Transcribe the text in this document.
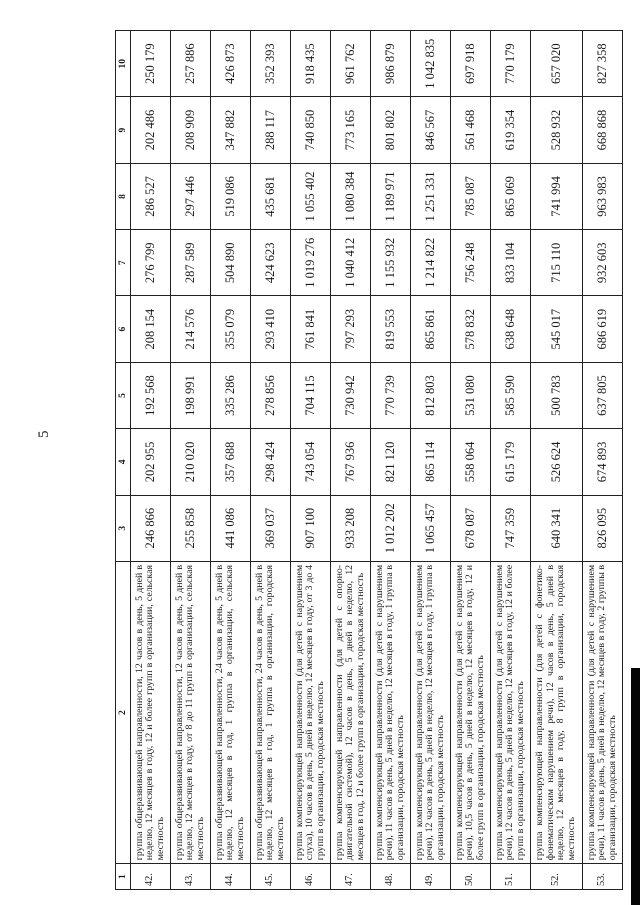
5
1	2	3	4	5	6	7	8	9	10
42.	группа общеразвивающей направленности, 12 часов в день, 5 дней в неделю, 12 месяцев в году, 12 и более групп в организации, сельская местность	246 866	202 955	192 568	208 154	276 799	286 527	202 486	250 179
43.	группа общеразвивающей направленности, 12 часов в день, 5 дней в неделю, 12 месяцев в году, от 8 до 11 групп в организации, сельская местность	255 858	210 020	198 991	214 576	287 589	297 446	208 909	257 886
44.	группа общеразвивающей направленности, 24 часов в день, 5 дней в неделю, 12 месяцев в год, 1 группа в организации, сельская местность	441 086	357 688	335 286	355 079	504 890	519 086	347 882	426 873
45.	группа общеразвивающей направленности, 24 часов в день, 5 дней в неделю, 12 месяцев в год, 1 группа в организации, городская местность	369 037	298 424	278 856	293 410	424 623	435 681	288 117	352 393
46.	группа компенсирующей направленности (для детей с нарушением слуха), 10 часов в день, 5 дней в неделю, 12 месяцев в году, от 3 до 4 групп в организации, городская местность	907 100	743 054	704 115	761 841	1 019 276	1 055 402	740 850	918 435
47.	группа компенсирующей направленности (для детей с опорно-двигательной системой), 12 часов в день, 5 дней в неделю, 12 месяцев в год, 12 и более групп в организации, городская местность	933 208	767 936	730 942	797 293	1 040 412	1 080 384	773 165	961 762
48.	группа компенсирующей направленности (для детей с нарушением речи), 11 часов в день, 5 дней в неделю, 12 месяцев в году, 1 группа в организации, городская местность	1 012 202	821 120	770 739	819 553	1 155 932	1 189 971	801 802	986 879
49.	группа компенсирующей направленности (для детей с нарушением речи), 12 часов в день, 5 дней в неделю, 12 месяцев в году, 1 группа в организации, городская местность	1 065 457	865 114	812 803	865 861	1 214 822	1 251 331	846 567	1 042 835
50.	группа компенсирующей направленности (для детей с нарушением речи), 10,5 часов в день, 5 дней в неделю, 12 месяцев в году, 12 и более групп в организации, городская местность	678 087	558 064	531 080	578 832	756 248	785 087	561 468	697 918
51.	группа компенсирующей направленности (для детей с нарушением речи), 12 часов в день, 5 дней в неделю, 12 месяцев в году, 12 и более групп в организации, городская местность	747 359	615 179	585 590	638 648	833 104	865 069	619 354	770 179
52.	группа компенсирующей направленности (для детей с фонетико-фонематическим нарушением речи), 12 часов в день, 5 дней в неделю, 12 месяцев в году, 8 групп в организации, городская местность	640 341	526 624	500 783	545 017	715 110	741 994	528 932	657 020
53.	группа компенсирующей направленности (для детей с нарушением речи), 11 часов в день, 5 дней в неделю, 12 месяцев в году, 2 группы в организации, городская местность	826 095	674 893	637 805	686 619	932 603	963 983	668 868	827 358
